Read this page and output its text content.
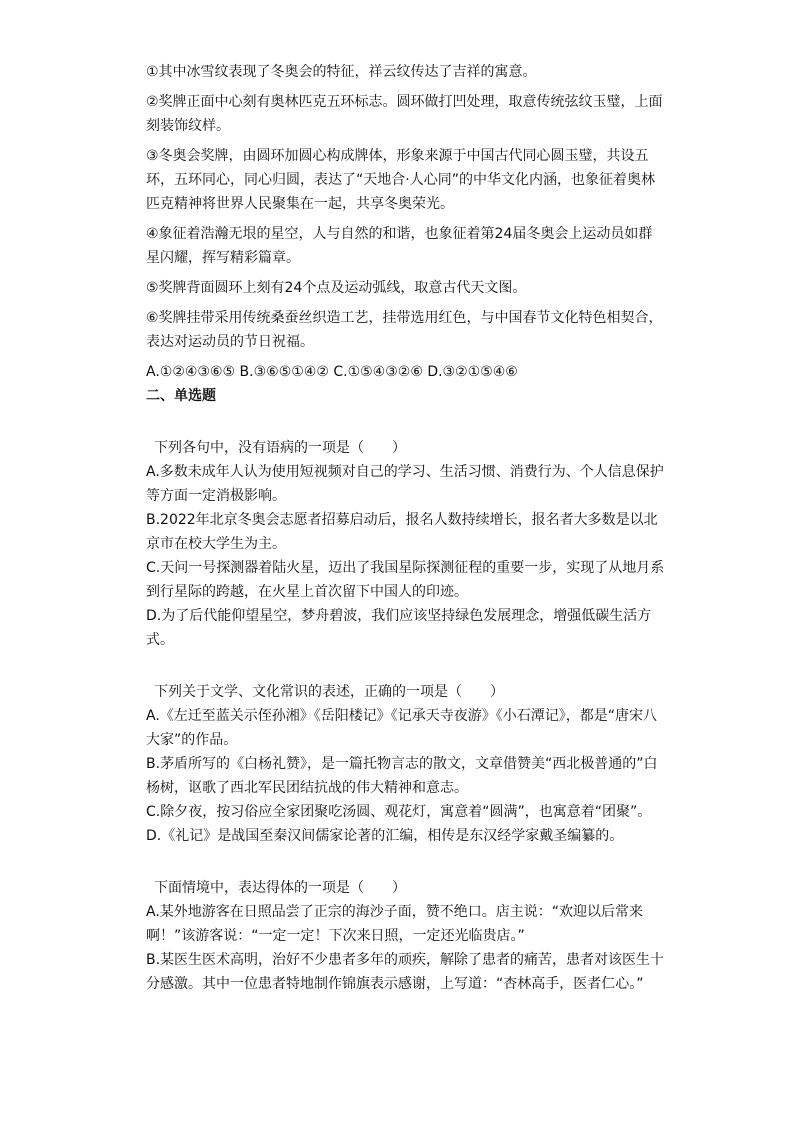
①其中冰雪纹表现了冬奥会的特征，祥云纹传达了吉祥的寓意。

②奖牌正面中心刻有奥林匹克五环标志。圆环做打凹处理，取意传统弦纹玉璧，上面刻装饰纹样。

③冬奥会奖牌，由圆环加圆心构成牌体，形象来源于中国古代同心圆玉璧，共设五环，五环同心，同心归圆，表达了“天地合·人心同”的中华文化内涵，也象征着奥林匹克精神将世界人民聚集在一起，共享冬奥荣光。

④象征着浩瀚无垠的星空，人与自然的和谐，也象征着第24届冬奥会上运动员如群星闪耀，挥写精彩篇章。

⑤奖牌背面圆环上刻有24个点及运动弧线，取意古代天文图。

⑥奖牌挂带采用传统桑蚕丝织造工艺，挂带选用红色，与中国春节文化特色相契合，表达对运动员的节日祝福。

A.①②④③⑥⑤ B.③⑥⑤①④② C.①⑤④③②⑥ D.③②①⑤④⑥

二、单选题

下列各句中，没有语病的一项是（　　）

A.多数未成年人认为使用短视频对自己的学习、生活习惯、消费行为、个人信息保护等方面一定消极影响。

B.2022年北京冬奥会志愿者招募启动后，报名人数持续增长，报名者大多数是以北京市在校大学生为主。

C.天问一号探测器着陆火星，迈出了我国星际探测征程的重要一步，实现了从地月系到行星际的跨越，在火星上首次留下中国人的印迹。

D.为了后代能仰望星空，梦舟碧波，我们应该坚持绿色发展理念，增强低碳生活方式。

下列关于文学、文化常识的表述，正确的一项是（　　）

A.《左迁至蓝关示侄孙湘》《岳阳楼记》《记承天寺夜游》《小石潭记》，都是“唐宋八大家”的作品。

B.茅盾所写的《白杨礼赞》，是一篇托物言志的散文，文章借赞美“西北极普通的”白杨树，讴歌了西北军民团结抗战的伟大精神和意志。

C.除夕夜，按习俗应全家团聚吃汤圆、观花灯，寓意着“圆满”，也寓意着“团聚”。

D.《礼记》是战国至秦汉间儒家论著的汇编，相传是东汉经学家戴圣编纂的。

下面情境中，表达得体的一项是（　　）

A.某外地游客在日照品尝了正宗的海沙子面，赞不绝口。店主说：“欢迎以后常来啊！”该游客说：“一定一定！下次来日照，一定还光临贵店。”

B.某医生医术高明，治好不少患者多年的顽疾，解除了患者的痛苦，患者对该医生十分感激。其中一位患者特地制作锦旗表示感谢，上写道：“杏林高手，医者仁心。”
